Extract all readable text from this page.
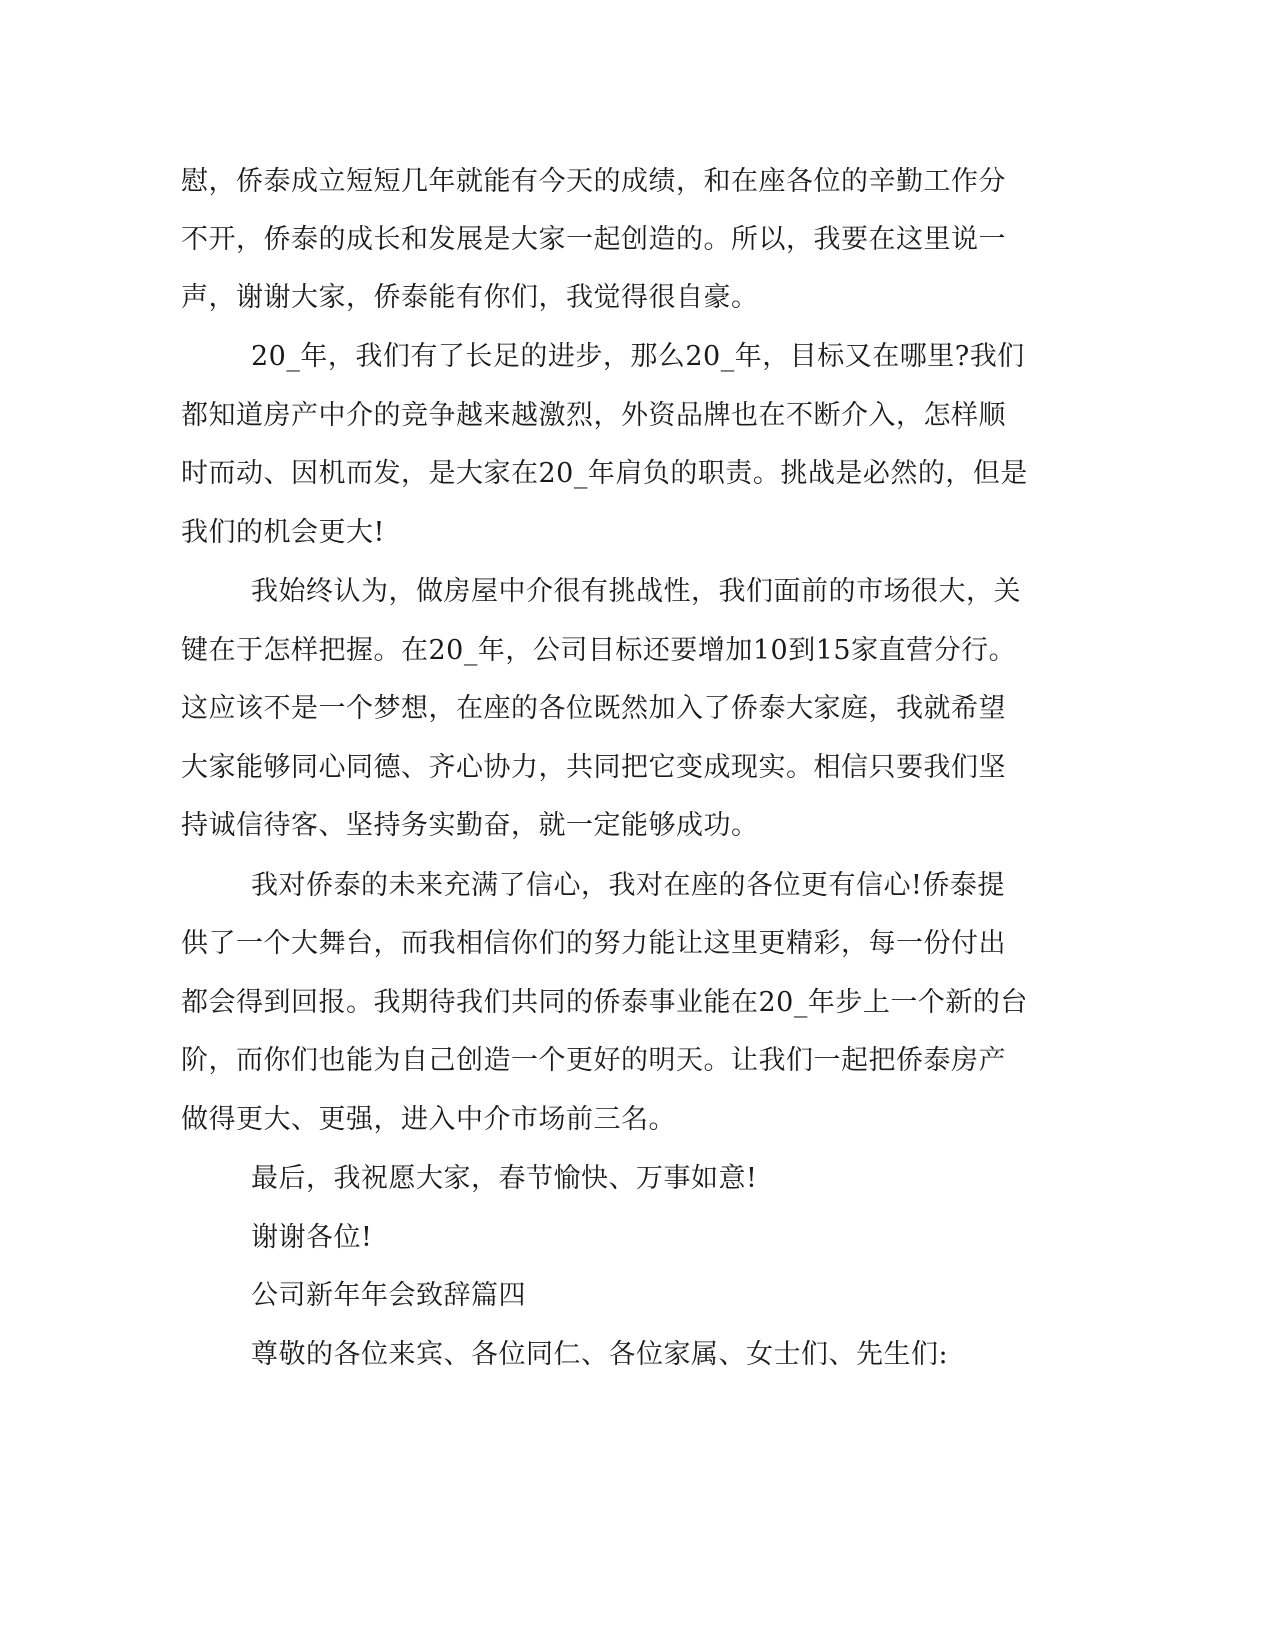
慰，侨泰成立短短几年就能有今天的成绩，和在座各位的辛勤工作分
不开，侨泰的成长和发展是大家一起创造的。所以，我要在这里说一
声，谢谢大家，侨泰能有你们，我觉得很自豪。
20_年，我们有了长足的进步，那么20_年，目标又在哪里?我们
都知道房产中介的竞争越来越激烈，外资品牌也在不断介入，怎样顺
时而动、因机而发，是大家在20_年肩负的职责。挑战是必然的，但是
我们的机会更大!
我始终认为，做房屋中介很有挑战性，我们面前的市场很大，关
键在于怎样把握。在20_年，公司目标还要增加10到15家直营分行。
这应该不是一个梦想，在座的各位既然加入了侨泰大家庭，我就希望
大家能够同心同德、齐心协力，共同把它变成现实。相信只要我们坚
持诚信待客、坚持务实勤奋，就一定能够成功。
我对侨泰的未来充满了信心，我对在座的各位更有信心!侨泰提
供了一个大舞台，而我相信你们的努力能让这里更精彩，每一份付出
都会得到回报。我期待我们共同的侨泰事业能在20_年步上一个新的台
阶，而你们也能为自己创造一个更好的明天。让我们一起把侨泰房产
做得更大、更强，进入中介市场前三名。
最后，我祝愿大家，春节愉快、万事如意!
谢谢各位!
公司新年年会致辞篇四
尊敬的各位来宾、各位同仁、各位家属、女士们、先生们:
